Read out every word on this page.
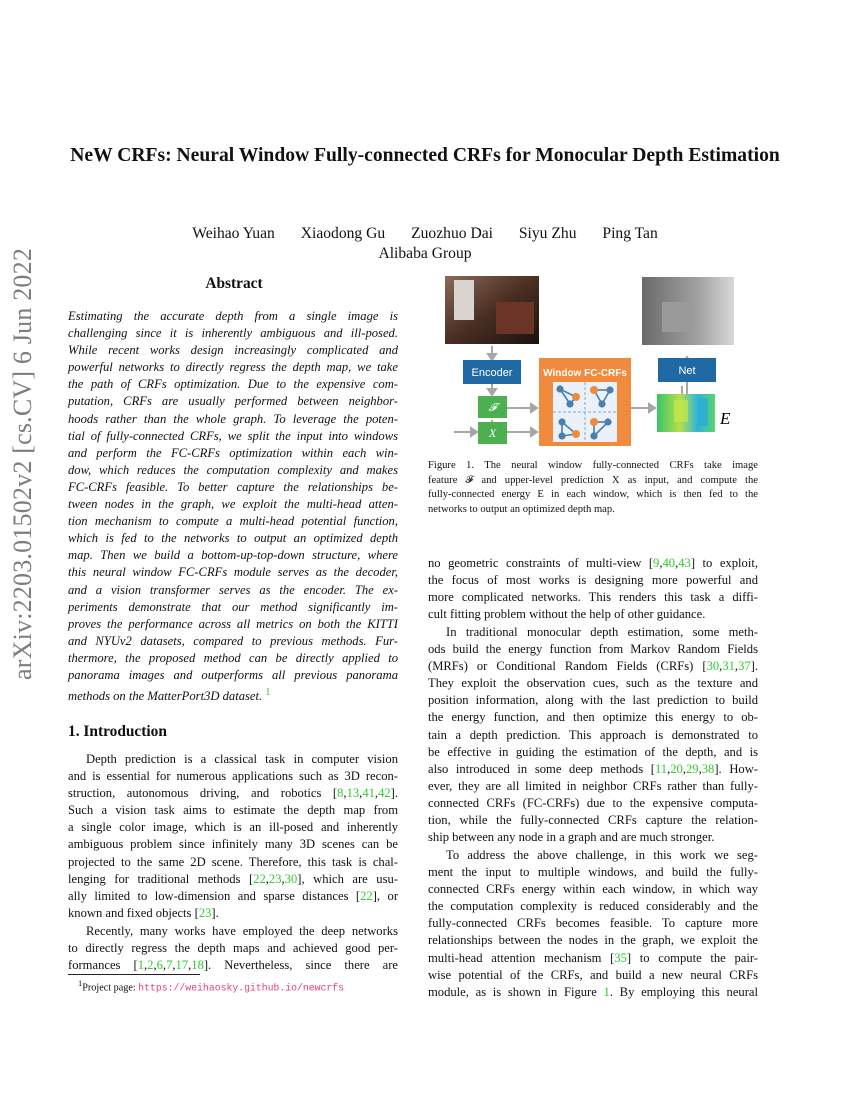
arXiv:2203.01502v2 [cs.CV] 6 Jun 2022
NeW CRFs: Neural Window Fully-connected CRFs for Monocular Depth Estimation
Weihao Yuan Xiaodong Gu Zuozhuo Dai Siyu Zhu Ping Tan
Alibaba Group
Abstract
Estimating the accurate depth from a single image is
challenging since it is inherently ambiguous and ill-posed.
While recent works design increasingly complicated and
powerful networks to directly regress the depth map, we take
the path of CRFs optimization. Due to the expensive com-
putation, CRFs are usually performed between neighbor-
hoods rather than the whole graph. To leverage the poten-
tial of fully-connected CRFs, we split the input into windows
and perform the FC-CRFs optimization within each win-
dow, which reduces the computation complexity and makes
FC-CRFs feasible. To better capture the relationships be-
tween nodes in the graph, we exploit the multi-head atten-
tion mechanism to compute a multi-head potential function,
which is fed to the networks to output an optimized depth
map. Then we build a bottom-up-top-down structure, where
this neural window FC-CRFs module serves as the decoder,
and a vision transformer serves as the encoder. The ex-
periments demonstrate that our method significantly im-
proves the performance across all metrics on both the KITTI
and NYUv2 datasets, compared to previous methods. Fur-
thermore, the proposed method can be directly applied to
panorama images and outperforms all previous panorama
methods on the MatterPort3D dataset. $^1$
1. Introduction
Depth prediction is a classical task in computer vision
and is essential for numerous applications such as 3D recon-
struction, autonomous driving, and robotics [8,13,41,42].
Such a vision task aims to estimate the depth map from
a single color image, which is an ill-posed and inherently
ambiguous problem since infinitely many 3D scenes can be
projected to the same 2D scene. Therefore, this task is chal-
lenging for traditional methods [22,23,30], which are usu-
ally limited to low-dimension and sparse distances [22], or
known and fixed objects [23].
Recently, many works have employed the deep networks
to directly regress the depth maps and achieved good per-
formances [1,2,6,7,17,18]. Nevertheless, since there are
$^1$Project page: https://weihaosky.github.io/newcrfs
Encoder
𝓕
X
Window FC-CRFs	Net
E
Figure 1. The neural window fully-connected CRFs take image
feature 𝓕 and upper-level prediction X as input, and compute the
fully-connected energy E in each window, which is then fed to the
networks to output an optimized depth map.
no geometric constraints of multi-view [9,40,43] to exploit,
the focus of most works is designing more powerful and
more complicated networks. This renders this task a diffi-
cult fitting problem without the help of other guidance.
In traditional monocular depth estimation, some meth-
ods build the energy function from Markov Random Fields
(MRFs) or Conditional Random Fields (CRFs) [30,31,37].
They exploit the observation cues, such as the texture and
position information, along with the last prediction to build
the energy function, and then optimize this energy to ob-
tain a depth prediction. This approach is demonstrated to
be effective in guiding the estimation of the depth, and is
also introduced in some deep methods [11,20,29,38]. How-
ever, they are all limited in neighbor CRFs rather than fully-
connected CRFs (FC-CRFs) due to the expensive computa-
tion, while the fully-connected CRFs capture the relation-
ship between any node in a graph and are much stronger.
To address the above challenge, in this work we seg-
ment the input to multiple windows, and build the fully-
connected CRFs energy within each window, in which way
the computation complexity is reduced considerably and the
fully-connected CRFs becomes feasible. To capture more
relationships between the nodes in the graph, we exploit the
multi-head attention mechanism [35] to compute the pair-
wise potential of the CRFs, and build a new neural CRFs
module, as is shown in Figure 1. By employing this neural
